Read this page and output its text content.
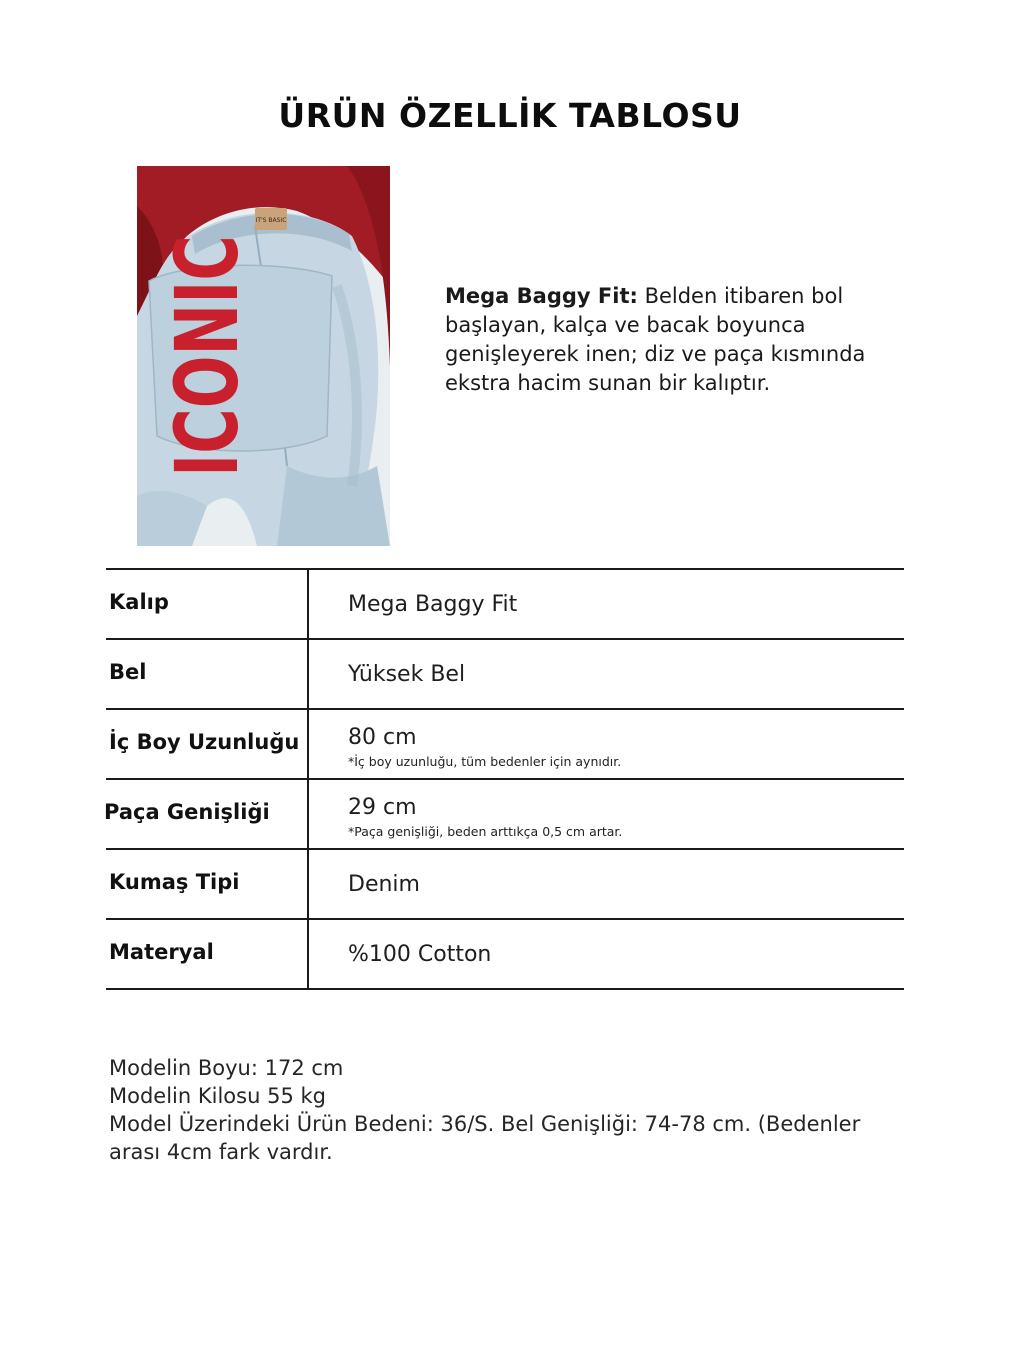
ÜRÜN ÖZELLİK TABLOSU
IT'S BASIC
ICONIC	Mega Baggy Fit: Belden itibaren bol başlayan, kalça ve bacak boyunca genişleyerek inen; diz ve paça kısmında ekstra hacim sunan bir kalıptır.
Kalıp	Mega Baggy Fit
Bel	Yüksek Bel
İç Boy Uzunluğu 80 cm
*İç boy uzunluğu, tüm bedenler için aynıdır.
Paça Genişliği	29 cm
*Paça genişliği, beden arttıkça 0,5 cm artar.
Kumaş Tipi	Denim
Materyal	%100 Cotton
Modelin Boyu: 172 cm
Modelin Kilosu 55 kg
Model Üzerindeki Ürün Bedeni: 36/S. Bel Genişliği: 74-78 cm. (Bedenler arası 4cm fark vardır.
